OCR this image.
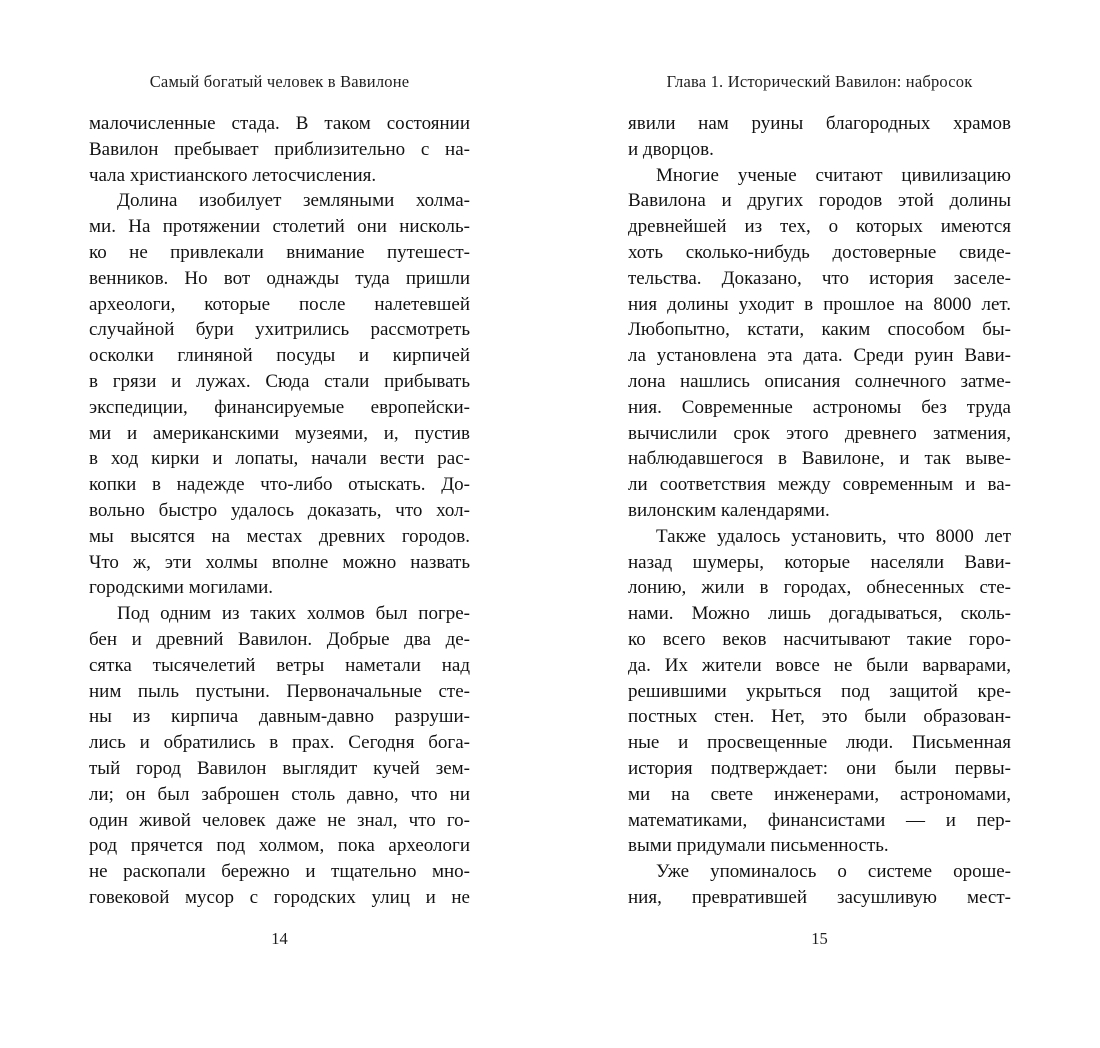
Самый богатый человек в Вавилоне
малочисленные стада. В таком состоянии
Вавилон пребывает приблизительно с на-
чала христианского летосчисления.
Долина изобилует земляными холма-
ми. На протяжении столетий они нисколь-
ко не привлекали внимание путешест-
венников. Но вот однажды туда пришли
археологи, которые после налетевшей
случайной бури ухитрились рассмотреть
осколки глиняной посуды и кирпичей
в грязи и лужах. Сюда стали прибывать
экспедиции, финансируемые европейски-
ми и американскими музеями, и, пустив
в ход кирки и лопаты, начали вести рас-
копки в надежде что-либо отыскать. До-
вольно быстро удалось доказать, что хол-
мы высятся на местах древних городов.
Что ж, эти холмы вполне можно назвать
городскими могилами.
Под одним из таких холмов был погре-
бен и древний Вавилон. Добрые два де-
сятка тысячелетий ветры наметали над
ним пыль пустыни. Первоначальные сте-
ны из кирпича давным-давно разруши-
лись и обратились в прах. Сегодня бога-
тый город Вавилон выглядит кучей зем-
ли; он был заброшен столь давно, что ни
один живой человек даже не знал, что го-
род прячется под холмом, пока археологи
не раскопали бережно и тщательно мно-
говековой мусор с городских улиц и не
14
Глава 1. Исторический Вавилон: набросок
явили нам руины благородных храмов
и дворцов.
Многие ученые считают цивилизацию
Вавилона и других городов этой долины
древнейшей из тех, о которых имеются
хоть сколько-нибудь достоверные свиде-
тельства. Доказано, что история заселе-
ния долины уходит в прошлое на 8000 лет.
Любопытно, кстати, каким способом бы-
ла установлена эта дата. Среди руин Вави-
лона нашлись описания солнечного затме-
ния. Современные астрономы без труда
вычислили срок этого древнего затмения,
наблюдавшегося в Вавилоне, и так выве-
ли соответствия между современным и ва-
вилонским календарями.
Также удалось установить, что 8000 лет
назад шумеры, которые населяли Вави-
лонию, жили в городах, обнесенных сте-
нами. Можно лишь догадываться, сколь-
ко всего веков насчитывают такие горо-
да. Их жители вовсе не были варварами,
решившими укрыться под защитой кре-
постных стен. Нет, это были образован-
ные и просвещенные люди. Письменная
история подтверждает: они были первы-
ми на свете инженерами, астрономами,
математиками, финансистами — и пер-
выми придумали письменность.
Уже упоминалось о системе ороше-
ния, превратившей засушливую мест-
15
